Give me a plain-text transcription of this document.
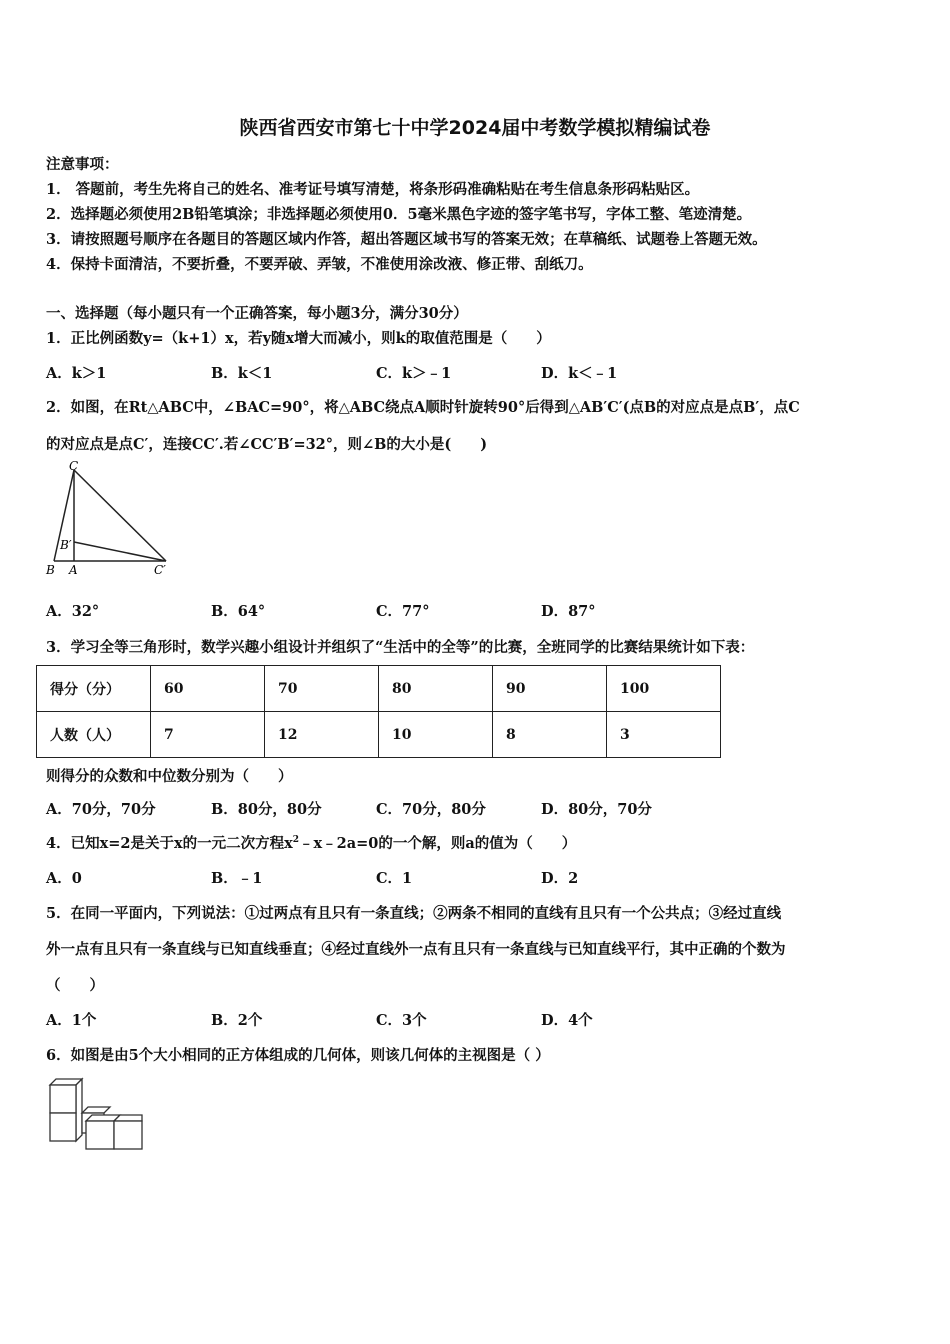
陕西省西安市第七十中学2024届中考数学模拟精编试卷
注意事项：
1． 答题前，考生先将自己的姓名、准考证号填写清楚，将条形码准确粘贴在考生信息条形码粘贴区。
2．选择题必须使用2B铅笔填涂；非选择题必须使用0．5毫米黑色字迹的签字笔书写，字体工整、笔迹清楚。
3．请按照题号顺序在各题目的答题区域内作答，超出答题区域书写的答案无效；在草稿纸、试题卷上答题无效。
4．保持卡面清洁，不要折叠，不要弄破、弄皱，不准使用涂改液、修正带、刮纸刀。
一、选择题（每小题只有一个正确答案，每小题3分，满分30分）
1．正比例函数y=（k+1）x，若y随x增大而减小，则k的取值范围是（　　）
A．k＞1	B．k＜1	C．k＞﹣1	D．k＜﹣1
2．如图，在Rt△ABC中，∠BAC=90°，将△ABC绕点A顺时针旋转90°后得到△AB′C′(点B的对应点是点B′，点C
的对应点是点C′，连接CC′.若∠CC′B′=32°，则∠B的大小是(　　)
C
B′
B A	C′
A．32°	B．64°	C．77°	D．87°
3．学习全等三角形时，数学兴趣小组设计并组织了“生活中的全等”的比赛，全班同学的比赛结果统计如下表：
得分（分）	60	70	80	90	100
人数（人）	7	12	10	8	3
则得分的众数和中位数分别为（　　）
A．70分，70分	B．80分，80分	C．70分，80分	D．80分，70分
4．已知x=2是关于x的一元二次方程$x^2﹣x﹣2a=0$的一个解，则a的值为（　　）
A．0	B．﹣1	C．1	D．2
5．在同一平面内，下列说法：①过两点有且只有一条直线；②两条不相同的直线有且只有一个公共点；③经过直线
外一点有且只有一条直线与已知直线垂直；④经过直线外一点有且只有一条直线与已知直线平行，其中正确的个数为
（　　）
A．1个	B．2个	C．3个	D．4个
6．如图是由5个大小相同的正方体组成的几何体，则该几何体的主视图是（ ）
